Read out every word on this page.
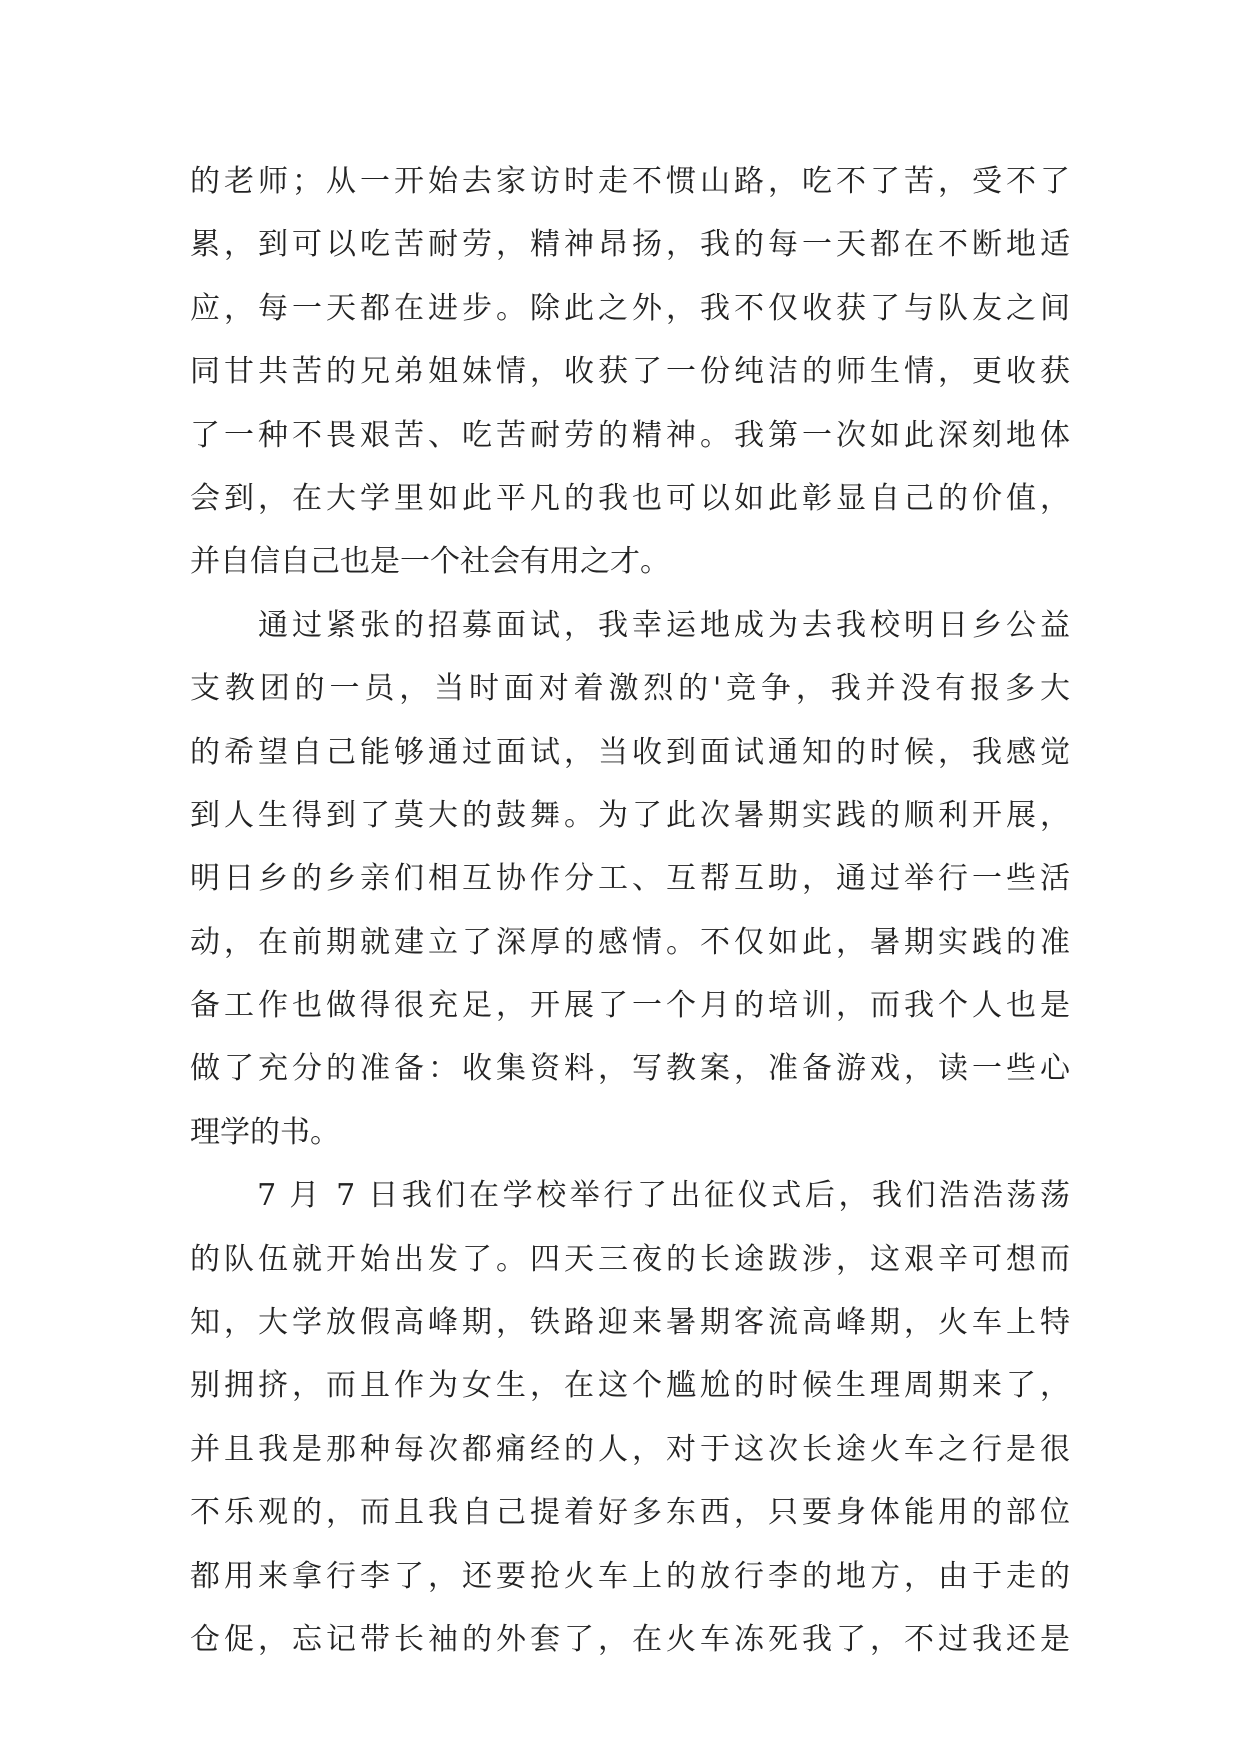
的老师；从一开始去家访时走不惯山路，吃不了苦，受不了
累，到可以吃苦耐劳，精神昂扬，我的每一天都在不断地适
应，每一天都在进步。除此之外，我不仅收获了与队友之间
同甘共苦的兄弟姐妹情，收获了一份纯洁的师生情，更收获
了一种不畏艰苦、吃苦耐劳的精神。我第一次如此深刻地体
会到，在大学里如此平凡的我也可以如此彰显自己的价值，
并自信自己也是一个社会有用之才。
　　通过紧张的招募面试，我幸运地成为去我校明日乡公益
支教团的一员，当时面对着激烈的'竞争，我并没有报多大
的希望自己能够通过面试，当收到面试通知的时候，我感觉
到人生得到了莫大的鼓舞。为了此次暑期实践的顺利开展，
明日乡的乡亲们相互协作分工、互帮互助，通过举行一些活
动，在前期就建立了深厚的感情。不仅如此，暑期实践的准
备工作也做得很充足，开展了一个月的培训，而我个人也是
做了充分的准备：收集资料，写教案，准备游戏，读一些心
理学的书。
　　7 月 7 日我们在学校举行了出征仪式后，我们浩浩荡荡
的队伍就开始出发了。四天三夜的长途跋涉，这艰辛可想而
知，大学放假高峰期，铁路迎来暑期客流高峰期，火车上特
别拥挤，而且作为女生，在这个尴尬的时候生理周期来了，
并且我是那种每次都痛经的人，对于这次长途火车之行是很
不乐观的，而且我自己提着好多东西，只要身体能用的部位
都用来拿行李了，还要抢火车上的放行李的地方，由于走的
仓促，忘记带长袖的外套了，在火车冻死我了，不过我还是
